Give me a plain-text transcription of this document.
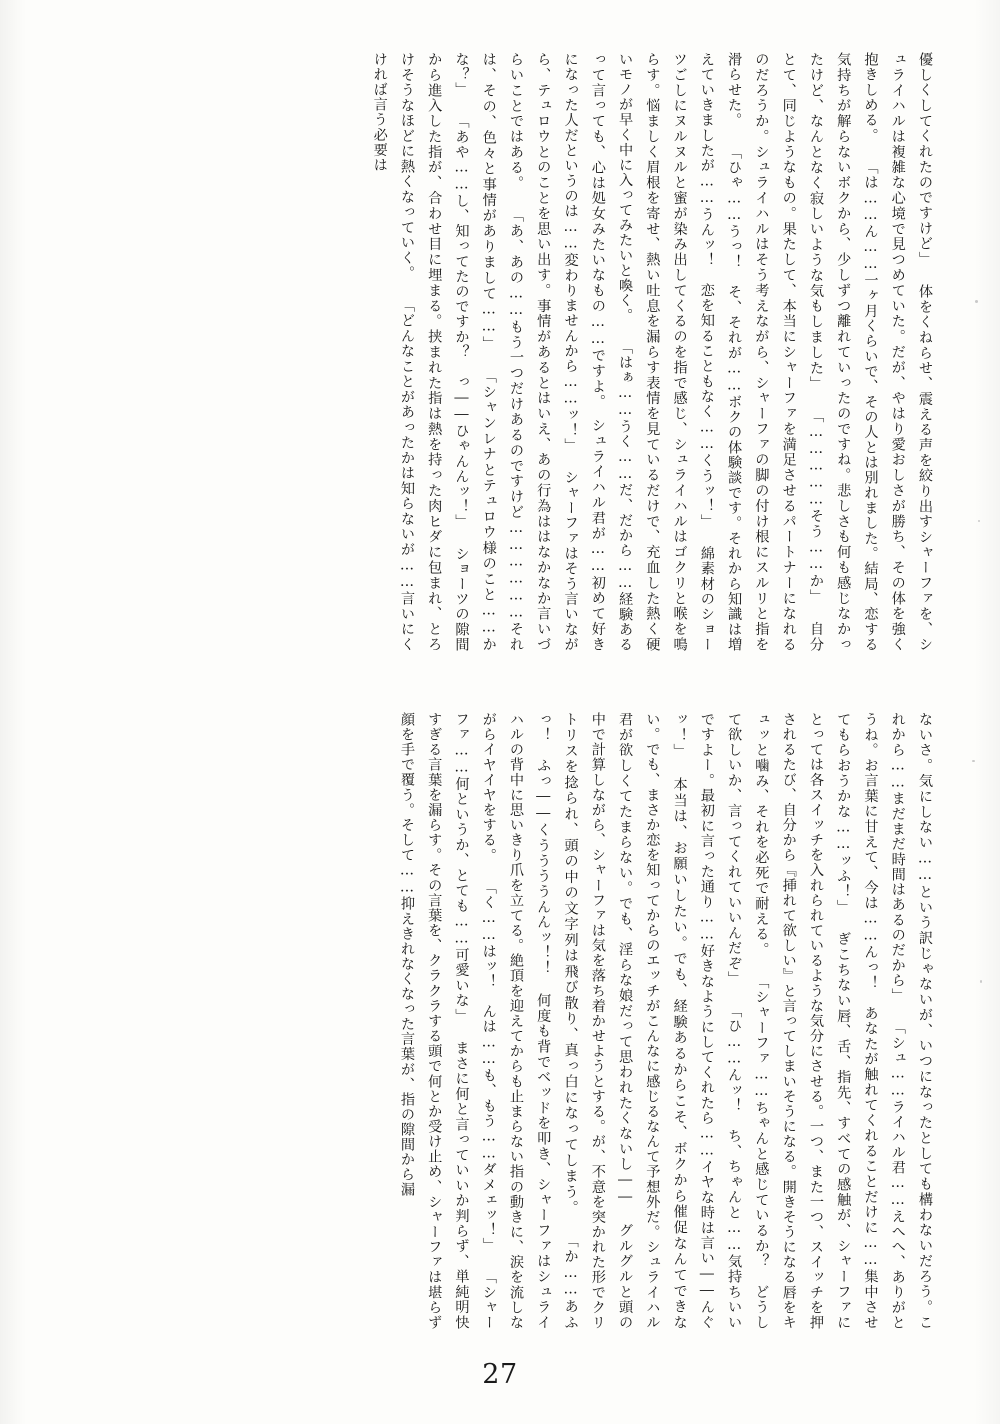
優しくしてくれたのですけど」 体をくねらせ、震える声を絞り出すシャーファを、シュライハルは複雑な心境で見つめていた。だが、やはり愛おしさが勝ち、その体を強く抱きしめる。 「は……ん……一ヶ月くらいで、その人とは別れました。結局、恋する気持ちが解らないボクから、少しずつ離れていったのですね。悲しさも何も感じなかったけど、なんとなく寂しいような気もしました」 「……………そう……か」 自分とて、同じようなもの。果たして、本当にシャーファを満足させるパートナーになれるのだろうか。シュライハルはそう考えながら、シャーファの脚の付け根にスルリと指を滑らせた。 「ひゃ……うっ！　そ、それが……ボクの体験談です。それから知識は増えていきましたが……うんッ！　恋を知ることもなく……くうッ！」 綿素材のショーツごしにヌルヌルと蜜が染み出してくるのを指で感じ、シュライハルはゴクリと喉を鳴らす。悩ましく眉根を寄せ、熱い吐息を漏らす表情を見ているだけで、充血した熱く硬いモノが早く中に入ってみたいと喚く。 「はぁ……うく……だ、だから……経験あるって言っても、心は処女みたいなもの……ですよ。　シュライハル君が……初めて好きになった人だというのは……変わりませんから……ッ！」 シャーファはそう言いながら、テュロウとのことを思い出す。事情があるとはいえ、あの行為ははなかなか言いづらいことではある。 「あ、あの……もう一つだけあるのですけど………………それは、その、色々と事情がありまして……」 「シャンレナとテュロウ様のこと……かな？」 「あや……し、知ってたのですか？　っ――ひゃんんッ！」 ショーツの隙間から進入した指が、合わせ目に埋まる。挟まれた指は熱を持った肉ヒダに包まれ、とろけそうなほどに熱くなっていく。 「どんなことがあったかは知らないが……言いにくければ言う必要は

ないさ。気にしない……という訳じゃないが、いつになったとしても構わないだろう。これから……まだまだ時間はあるのだから」 「シュ……ライハル君……えへへ、ありがとうね。お言葉に甘えて、今は……んっ！　あなたが触れてくれることだけに……集中させてもらおうかな……ッふ！」 ぎこちない唇、舌、指先、すべての感触が、シャーファにとっては各スイッチを入れられているような気分にさせる。一つ、また一つ、スイッチを押されるたび、自分から『挿れて欲しい』と言ってしまいそうになる。開きそうになる唇をキュッと噛み、それを必死で耐える。 「シャーファ……ちゃんと感じているか？　どうして欲しいか、言ってくれていいんだぞ」 「ひ……んッ！　ち、ちゃんと……気持ちいいですよー。最初に言った通り……好きなようにしてくれたら……イヤな時は言い――んぐッ！」 本当は、お願いしたい。でも、経験あるからこそ、ボクから催促なんてできない。でも、まさか恋を知ってからのエッチがこんなに感じるなんて予想外だ。シュライハル君が欲しくてたまらない。でも、淫らな娘だって思われたくないし―― グルグルと頭の中で計算しながら、シャーファは気を落ち着かせようとする。が、不意を突かれた形でクリトリスを捻られ、頭の中の文字列は飛び散り、真っ白になってしまう。 「か……あふっ！　ふっ――くううううんんッ！！ 何度も背でベッドを叩き、シャーファはシュライハルの背中に思いきり爪を立てる。絶頂を迎えてからも止まらない指の動きに、涙を流しながらイヤイヤをする。 「く……はッ！　んは……も、もう……ダメェッ！」 「シャーファ……何というか、とても……可愛いな」 まさに何と言っていいか判らず、単純明快すぎる言葉を漏らす。その言葉を、クラクラする頭で何とか受け止め、シャーファは堪らず顔を手で覆う。そして……抑えきれなくなった言葉が、指の隙間から漏

27
